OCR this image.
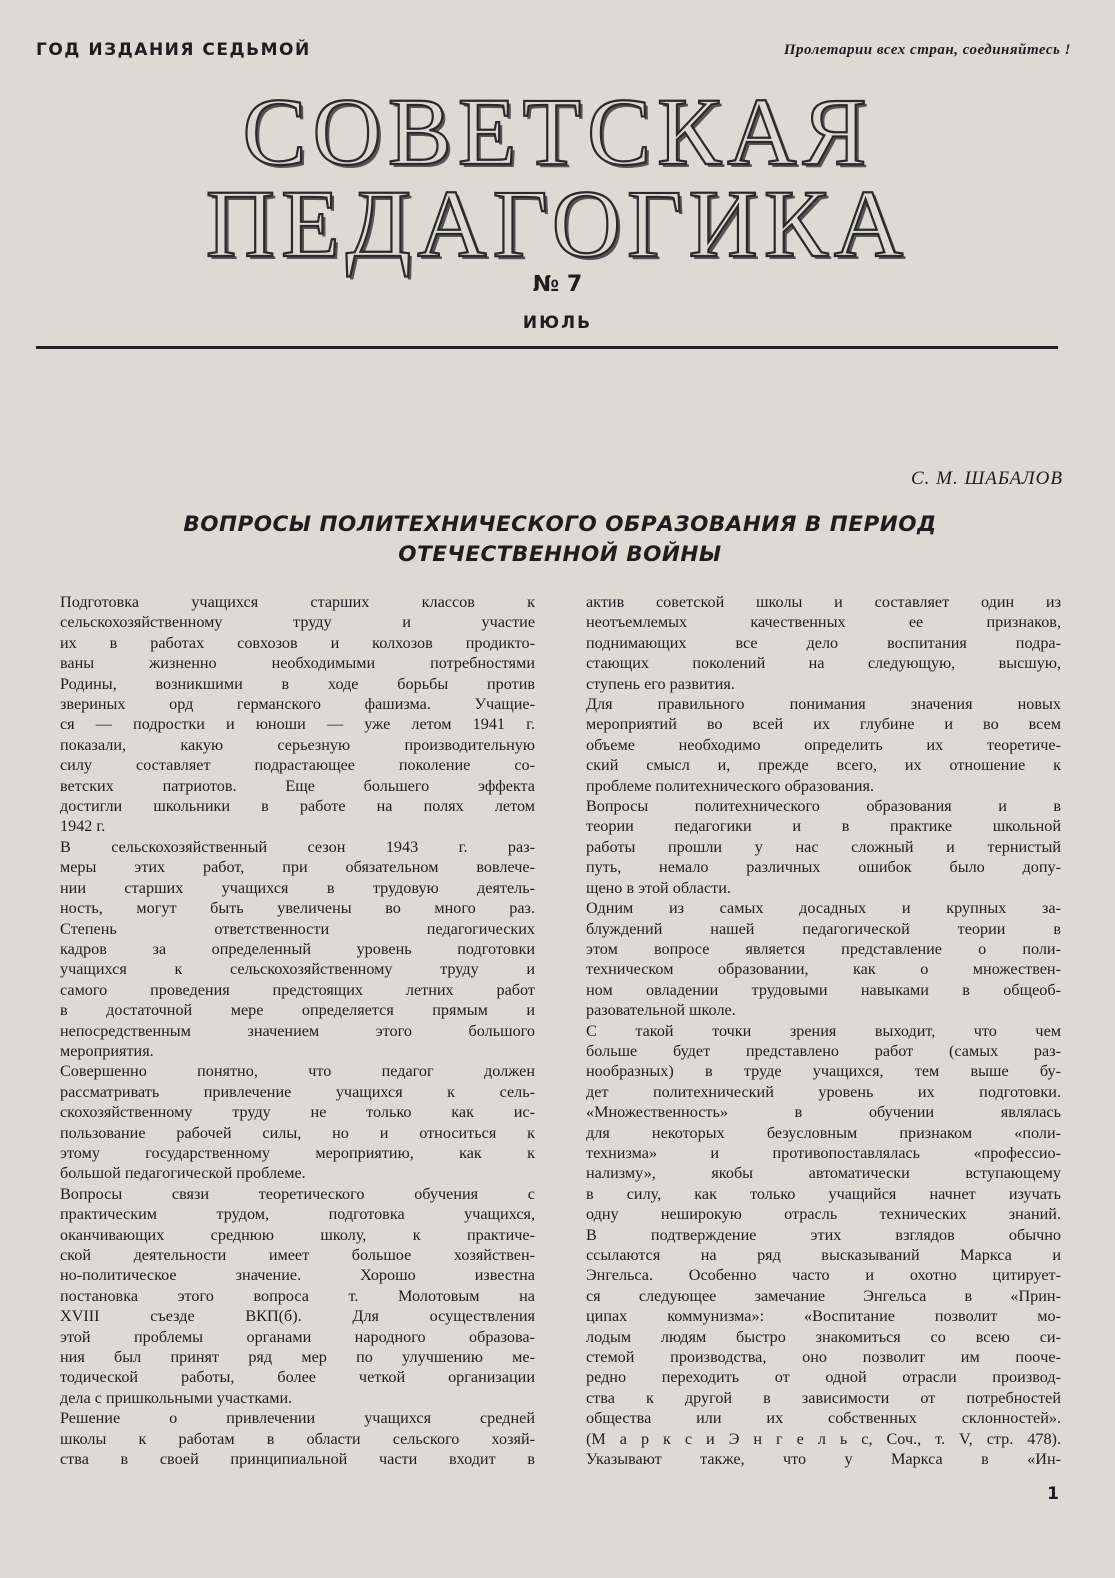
ГОД ИЗДАНИЯ СЕДЬМОЙ	Пролетарии всех стран, соединяйтесь !
СОВЕТСКАЯ
ПЕДАГОГИКА
№ 7
ИЮЛЬ
С. М. ШАБАЛОВ
ВОПРОСЫ ПОЛИТЕХНИЧЕСКОГО ОБРАЗОВАНИЯ В ПЕРИОД
ОТЕЧЕСТВЕННОЙ ВОЙНЫ

Подготовка учащихся старших классов к

сельскохозяйственному труду и участие

их в работах совхозов и колхозов продикто-

ваны жизненно необходимыми потребностями

Родины, возникшими в ходе борьбы против

звериных орд германского фашизма. Учащие-

ся — подростки и юноши — уже летом 1941 г.

показали, какую серьезную производительную

силу составляет подрастающее поколение со-

ветских патриотов. Еще большего эффекта

достигли школьники в работе на полях летом

1942 г.

В сельскохозяйственный сезон 1943 г. раз-

меры этих работ, при обязательном вовлече-

нии старших учащихся в трудовую деятель-

ность, могут быть увеличены во много раз.

Степень ответственности педагогических

кадров за определенный уровень подготовки

учащихся к сельскохозяйственному труду и

самого проведения предстоящих летних работ

в достаточной мере определяется прямым и

непосредственным значением этого большого

мероприятия.

Совершенно понятно, что педагог должен

рассматривать привлечение учащихся к сель-

скохозяйственному труду не только как ис-

пользование рабочей силы, но и относиться к

этому государственному мероприятию, как к

большой педагогической проблеме.

Вопросы связи теоретического обучения с

практическим трудом, подготовка учащихся,

оканчивающих среднюю школу, к практиче-

ской деятельности имеет большое хозяйствен-

но-политическое значение. Хорошо известна

постановка этого вопроса т. Молотовым на

XVIII съезде ВКП(б). Для осуществления

этой проблемы органами народного образова-

ния был принят ряд мер по улучшению ме-

тодической работы, более четкой организации

дела с пришкольными участками.

Решение о привлечении учащихся средней

школы к работам в области сельского хозяй-

ства в своей принципиальной части входит в

актив советской школы и составляет один из

неотъемлемых качественных ее признаков,

поднимающих все дело воспитания подра-

стающих поколений на следующую, высшую,

ступень его развития.

Для правильного понимания значения новых

мероприятий во всей их глубине и во всем

объеме необходимо определить их теоретиче-

ский смысл и, прежде всего, их отношение к

проблеме политехнического образования.

Вопросы политехнического образования и в

теории педагогики и в практике школьной

работы прошли у нас сложный и тернистый

путь, немало различных ошибок было допу-

щено в этой области.

Одним из самых досадных и крупных за-

блуждений нашей педагогической теории в

этом вопросе является представление о поли-

техническом образовании, как о множествен-

ном овладении трудовыми навыками в общеоб-

разовательной школе.

С такой точки зрения выходит, что чем

больше будет представлено работ (самых раз-

нообразных) в труде учащихся, тем выше бу-

дет политехнический уровень их подготовки.

«Множественность» в обучении являлась

для некоторых безусловным признаком «поли-

технизма» и противопоставлялась «профессио-

нализму», якобы автоматически вступающему

в силу, как только учащийся начнет изучать

одну неширокую отрасль технических знаний.

В подтверждение этих взглядов обычно

ссылаются на ряд высказываний Маркса и

Энгельса. Особенно часто и охотно цитирует-

ся следующее замечание Энгельса в «Прин-

ципах коммунизма»: «Воспитание позволит мо-

лодым людям быстро знакомиться со всею си-

стемой производства, оно позволит им поoче-

редно переходить от одной отрасли производ-

ства к другой в зависимости от потребностей

общества или их собственных склонностей».

(М а р к с и Э н г е л ь с, Соч., т. V, стр. 478).

Указывают также, что у Маркса в «Ин-

1
